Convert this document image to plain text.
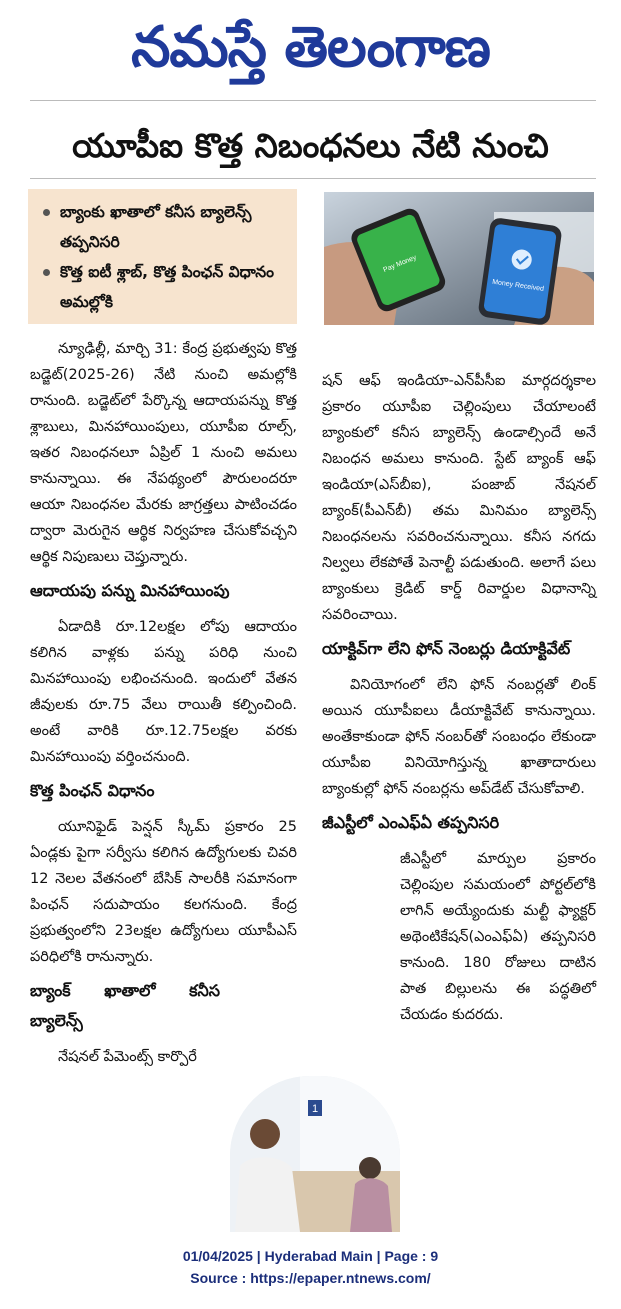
నమస్తే తెలంగాణ
యూపీఐ కొత్త నిబంధనలు నేటి నుంచి
బ్యాంకు ఖాతాలో కనీస బ్యాలెన్స్ తప్పనిసరి
కొత్త ఐటీ శ్లాబ్, కొత్త పింఛన్ విధానం అమల్లోకి
Pay Money
Money Received

న్యూఢిల్లీ, మార్చి 31: కేంద్ర ప్రభుత్వపు కొత్త బడ్జెట్(2025-26) నేటి నుంచి అమల్లోకి రానుంది. బడ్జెట్‌లో పేర్కొన్న ఆదాయపన్ను కొత్త శ్లాబులు, మినహాయింపులు, యూపీఐ రూల్స్, ఇతర నిబంధనలూ ఏప్రిల్ 1 నుంచి అమలు కానున్నాయి. ఈ నేపథ్యంలో పౌరులందరూ ఆయా నిబంధనల మేరకు జాగ్రత్తలు పాటించడం ద్వారా మెరుగైన ఆర్థిక నిర్వహణ చేసుకోవచ్చని ఆర్థిక నిపుణులు చెప్తున్నారు.

ఆదాయపు పన్ను మినహాయింపు

ఏడాదికి రూ.12లక్షల లోపు ఆదాయం కలిగిన వాళ్లకు పన్ను పరిధి నుంచి మినహాయింపు లభించనుంది. ఇందులో వేతన జీవులకు రూ.75 వేలు రాయితీ కల్పించింది. అంటే వారికి రూ.12.75లక్షల వరకు మినహాయింపు వర్తించనుంది.

కొత్త పింఛన్ విధానం

యూనిఫైడ్ పెన్షన్ స్కీమ్ ప్రకారం 25 ఏండ్లకు పైగా సర్వీసు కలిగిన ఉద్యోగులకు చివరి 12 నెలల వేతనంలో బేసిక్ సాలరీకి సమానంగా పింఛన్ సదుపాయం కలగనుంది. కేంద్ర ప్రభుత్వంలోని 23లక్షల ఉద్యోగులు యూపీఎస్ పరిధిలోకి రానున్నారు.

బ్యాంక్ ఖాతాలో కనీస బ్యాలెన్స్

నేషనల్ పేమెంట్స్ కార్పొరే

షన్ ఆఫ్ ఇండియా-ఎన్‌పీసీఐ మార్గదర్శకాల ప్రకారం యూపీఐ చెల్లింపులు చేయాలంటే బ్యాంకులో కనీస బ్యాలెన్స్ ఉండాల్సిందే అనే నిబంధన అమలు కానుంది. స్టేట్ బ్యాంక్ ఆఫ్ ఇండియా(ఎస్‌బీఐ), పంజాబ్ నేషనల్ బ్యాంక్(పీఎన్‌బీ) తమ మినిమం బ్యాలెన్స్ నిబంధనలను సవరించనున్నాయి. కనీస నగదు నిల్వలు లేకపోతే పెనాల్టీ పడుతుంది. అలాగే పలు బ్యాంకులు క్రెడిట్ కార్డ్ రివార్డుల విధానాన్ని సవరించాయి.

యాక్టివ్‌గా లేని ఫోన్ నెంబర్లు డియాక్టివేట్

వినియోగంలో లేని ఫోన్ నంబర్లతో లింక్ అయిన యూపీఐలు డీయాక్టివేట్ కానున్నాయి. అంతేకాకుండా ఫోన్ నంబర్‌తో సంబంధం లేకుండా యూపీఐ వినియోగిస్తున్న ఖాతాదారులు బ్యాంకుల్లో ఫోన్ నంబర్లను అప్‌డేట్ చేసుకోవాలి.

జీఎస్టీలో ఎంఎఫ్ఏ తప్పనిసరి

జీఎస్టీలో మార్పుల ప్రకారం చెల్లింపుల సమయంలో పోర్టల్‌లోకి లాగిన్ అయ్యేందుకు మల్టీ ఫ్యాక్టర్ అథెంటికేషన్(ఎంఎఫ్ఏ) తప్పనిసరి కానుంది. 180 రోజులు దాటిన పాత బిల్లులను ఈ పద్ధతిలో చేయడం కుదరదు.

1
01/04/2025 | Hyderabad Main | Page : 9
Source : https://epaper.ntnews.com/
